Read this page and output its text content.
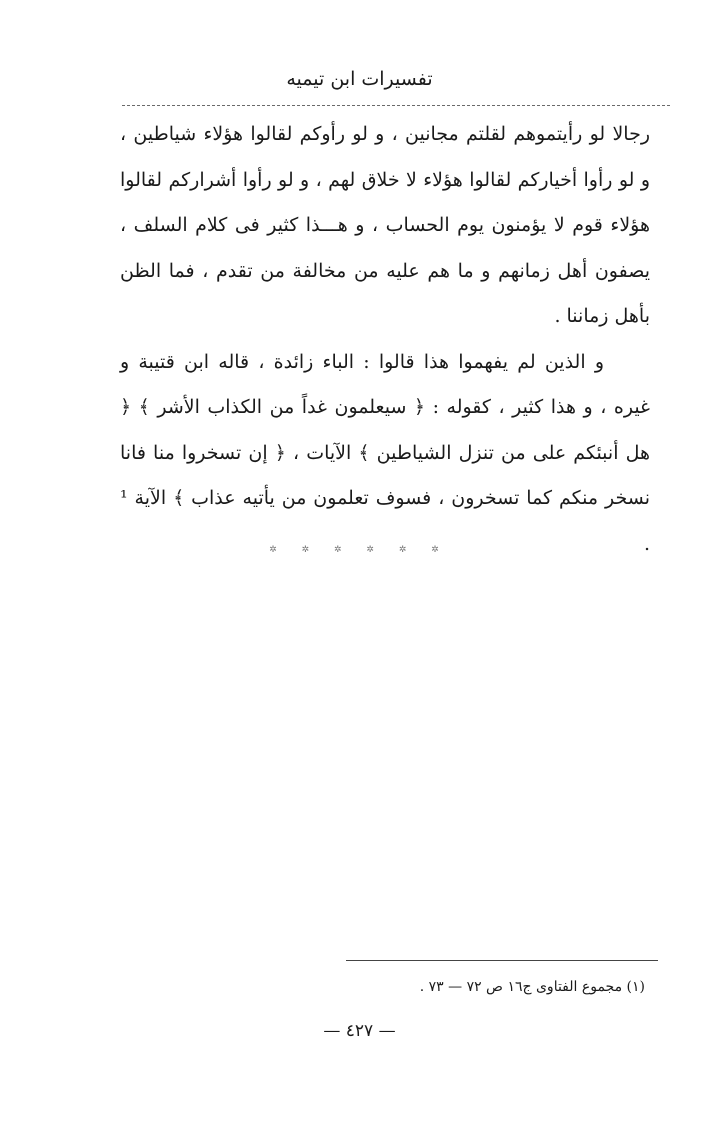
تفسيرات ابن تيميه

رجالا لو رأيتموهم لقلتم مجانين ، و لو رأوكم لقالوا هؤلاء شياطين ، و لو رأوا أخياركم لقالوا هؤلاء لا خلاق لهم ، و لو رأوا أشراركم لقالوا هؤلاء قوم لا يؤمنون يوم الحساب ، و هـــذا كثير فى كلام السلف ، يصفون أهل زمانهم و ما هم عليه من مخالفة من تقدم ، فما الظن بأهل زماننا .

و الذين لم يفهموا هذا قالوا : الباء زائدة ، قاله ابن قتيبة و غيره ، و هذا كثير ، كقوله : ﴿ سيعلمون غداً من الكذاب الأشر ﴾ ﴿ هل أنبئكم على من تنزل الشياطين ﴾ الآيات ، ﴿ إن تسخروا منا فانا نسخر منكم كما تسخرون ، فسوف تعلمون من يأتيه عذاب ﴾ الآية ¹ .

✲ ✲ ✲ ✲ ✲ ✲
(١) مجموع الفتاوى ج١٦ ص ٧٢ — ٧٣ .
— ٤٢٧ —
